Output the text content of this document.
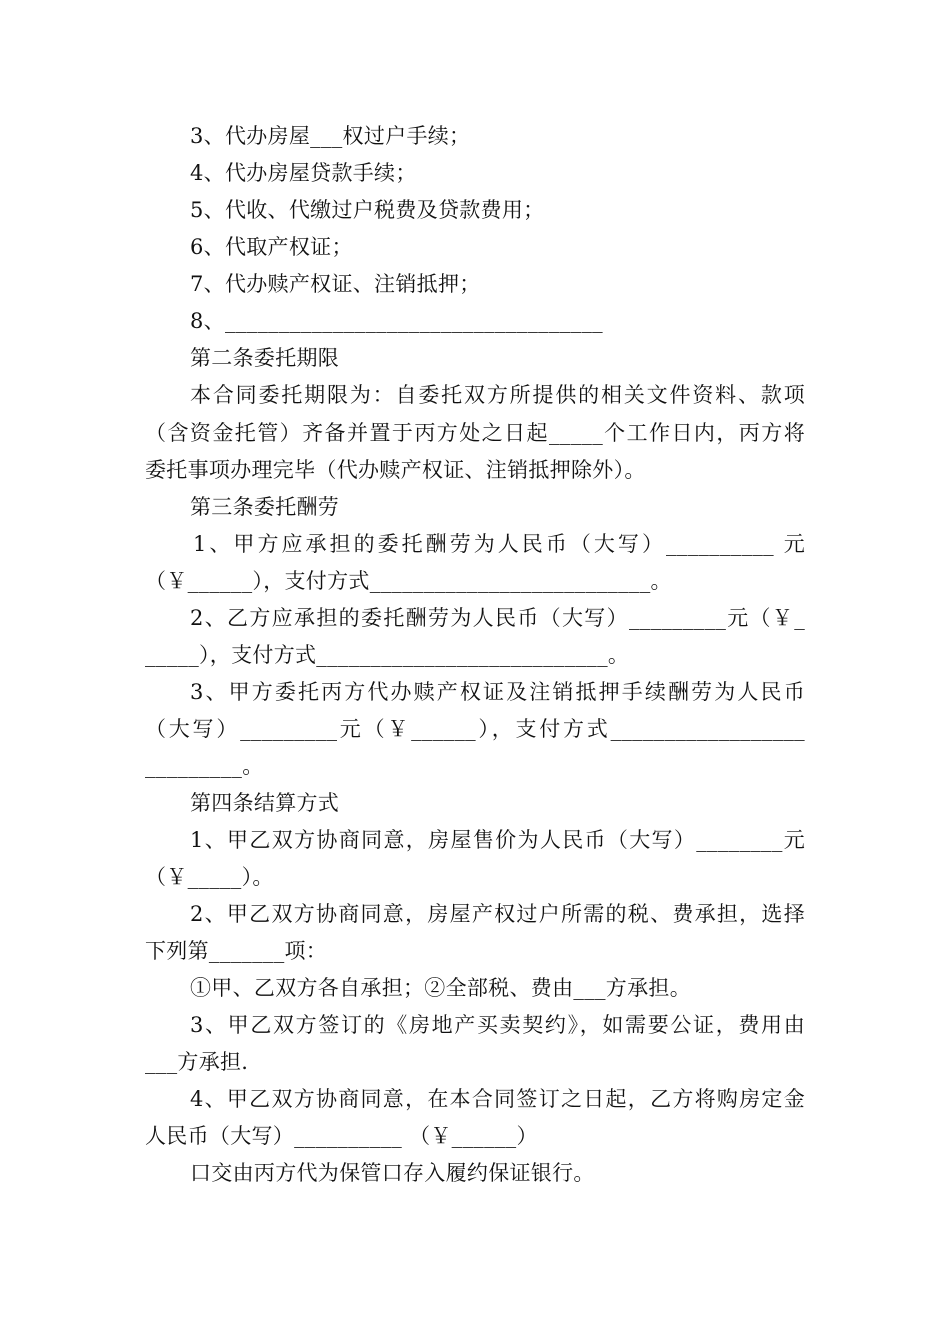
3、代办房屋___权过户手续；
4、代办房屋贷款手续；
5、代收、代缴过户税费及贷款费用；
6、代取产权证；
7、代办赎产权证、注销抵押；
8、___________________________________
第二条委托期限
本合同委托期限为：自委托双方所提供的相关文件资料、款项
（含资金托管）齐备并置于丙方处之日起_____个工作日内，丙方将
委托事项办理完毕（代办赎产权证、注销抵押除外）。
第三条委托酬劳
1、甲方应承担的委托酬劳为人民币（大写）__________ 元
（￥______），支付方式__________________________。
2、乙方应承担的委托酬劳为人民币（大写）_________元（￥_
_____），支付方式___________________________。
3、甲方委托丙方代办赎产权证及注销抵押手续酬劳为人民币
（大写）_________元（￥______），支付方式__________________
_________。
第四条结算方式
1、甲乙双方协商同意，房屋售价为人民币（大写）________元
（￥_____）。
2、甲乙双方协商同意，房屋产权过户所需的税、费承担，选择
下列第_______项：
①甲、乙双方各自承担；②全部税、费由___方承担。
3、甲乙双方签订的《房地产买卖契约》，如需要公证，费用由
___方承担.
4、甲乙双方协商同意，在本合同签订之日起，乙方将购房定金
人民币（大写）__________ （￥______）
口交由丙方代为保管口存入履约保证银行。
